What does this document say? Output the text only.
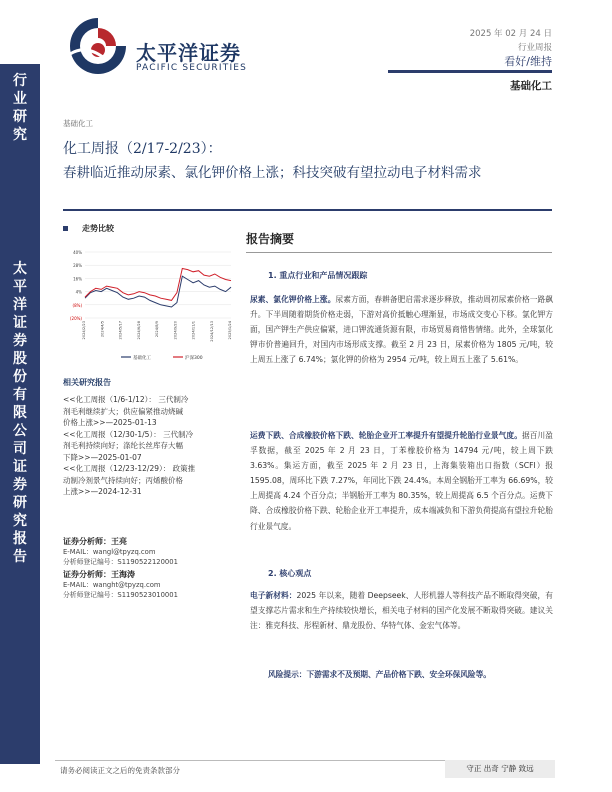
行
业
研
究
太
平
洋
证
券
股
份
有
限
公
司
证
券
研
究
报
告
太平洋证券
PACIFIC SECURITIES
2025 年 02 月 24 日
行业周报
看好/维持
基础化工
基础化工
化工周报（2/17-2/23）：
春耕临近推动尿素、氯化钾价格上涨；科技突破有望拉动电子材料需求
走势比较
40%
28%
16%
4%
(8%)
(20%)
2024/2/23	2024/4/5	2024/5/17	2024/6/28	2024/8/9	2024/9/20	2024/11/1	2024/12/13	2025/1/24
基础化工	沪深300
相关研究报告
<<化工周报（1/6-1/12）： 三代制冷
剂毛利继续扩大；供应偏紧推动烧碱
价格上涨>>—2025-01-13
<<化工周报（12/30-1/5）： 三代制冷
剂毛利持续向好；涤纶长丝库存大幅
下降>>—2025-01-07
<<化工周报（12/23-12/29）： 政策推
动制冷剂景气持续向好；丙烯酸价格
上涨>>—2024-12-31
证券分析师：王亮
E-MAIL：wangl@tpyzq.com
分析师登记编号：S1190522120001
证券分析师：王海涛
E-MAIL：wanght@tpyzq.com
分析师登记编号：S1190523010001
报告摘要
1. 重点行业和产品情况跟踪
尿素、氯化钾价格上涨。尿素方面，春耕备肥启需求逐步释放，推动周初尿素价格一路飙升。下半周随着期货价格走弱，下游对高价抵触心理渐显，市场成交变心下移。氯化钾方面，国产钾生产供应偏紧，进口钾流通货源有限，市场贸易商惜售情绪。此外，全球氯化钾市价普遍回升，对国内市场形成支撑。截至 2 月 23 日，尿素价格为 1805 元/吨，较上周五上涨了 6.74%；氯化钾的价格为 2954 元/吨，较上周五上涨了 5.61%。
运费下跌、合成橡胶价格下跌、轮胎企业开工率提升有望提升轮胎行业景气度。据百川盈孚数据，截至 2025 年 2 月 23 日，丁苯橡胶价格为 14794 元/吨，较上周下跌 3.63%。集运方面，截至 2025 年 2 月 23 日，上海集装箱出口指数（SCFI）报 1595.08，周环比下跌 7.27%，年同比下跌 24.4%。本周全钢胎开工率为 66.69%，较上周提高 4.24 个百分点；半钢胎开工率为 80.35%，较上周提高 6.5 个百分点。运费下降、合成橡胶价格下跌、轮胎企业开工率提升，成本端减负和下游负荷提高有望拉升轮胎行业景气度。
2. 核心观点
电子新材料：2025 年以来，随着 Deepseek、人形机器人等科技产品不断取得突破，有望支撑芯片需求和生产持续较快增长，相关电子材料的国产化发展不断取得突破。建议关注：雅克科技、彤程新材、鼎龙股份、华特气体、金宏气体等。
风险提示：下游需求不及预期、产品价格下跌、安全环保风险等。
请务必阅读正文之后的免责条款部分	守正 出奇 宁静 致远
